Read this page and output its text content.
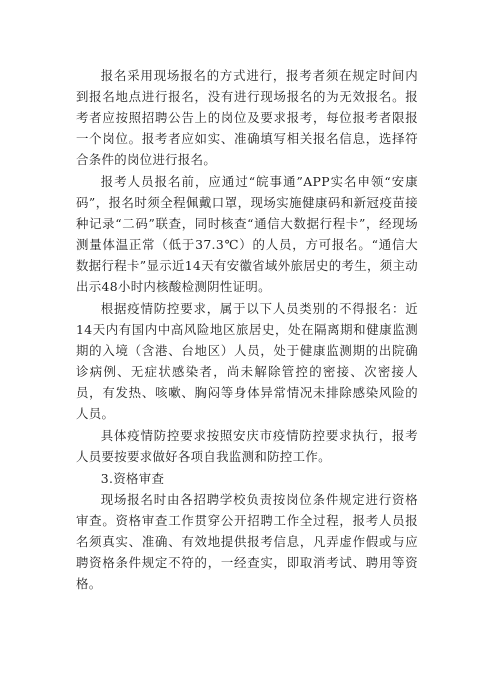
报名采用现场报名的方式进行，报考者须在规定时间内到报名地点进行报名，没有进行现场报名的为无效报名。报考者应按照招聘公告上的岗位及要求报考，每位报考者限报一个岗位。报考者应如实、准确填写相关报名信息，选择符合条件的岗位进行报名。

报考人员报名前，应通过“皖事通”APP实名申领“安康码”，报名时须全程佩戴口罩，现场实施健康码和新冠疫苗接种记录“二码”联查，同时核查“通信大数据行程卡”，经现场测量体温正常（低于37.3℃）的人员，方可报名。“通信大数据行程卡”显示近14天有安徽省域外旅居史的考生，须主动出示48小时内核酸检测阴性证明。

根据疫情防控要求，属于以下人员类别的不得报名：近14天内有国内中高风险地区旅居史，处在隔离期和健康监测期的入境（含港、台地区）人员，处于健康监测期的出院确诊病例、无症状感染者，尚未解除管控的密接、次密接人员，有发热、咳嗽、胸闷等身体异常情况未排除感染风险的人员。

具体疫情防控要求按照安庆市疫情防控要求执行，报考人员要按要求做好各项自我监测和防控工作。

3.资格审查

现场报名时由各招聘学校负责按岗位条件规定进行资格审查。资格审查工作贯穿公开招聘工作全过程，报考人员报名须真实、准确、有效地提供报考信息，凡弄虚作假或与应聘资格条件规定不符的，一经查实，即取消考试、聘用等资格。
